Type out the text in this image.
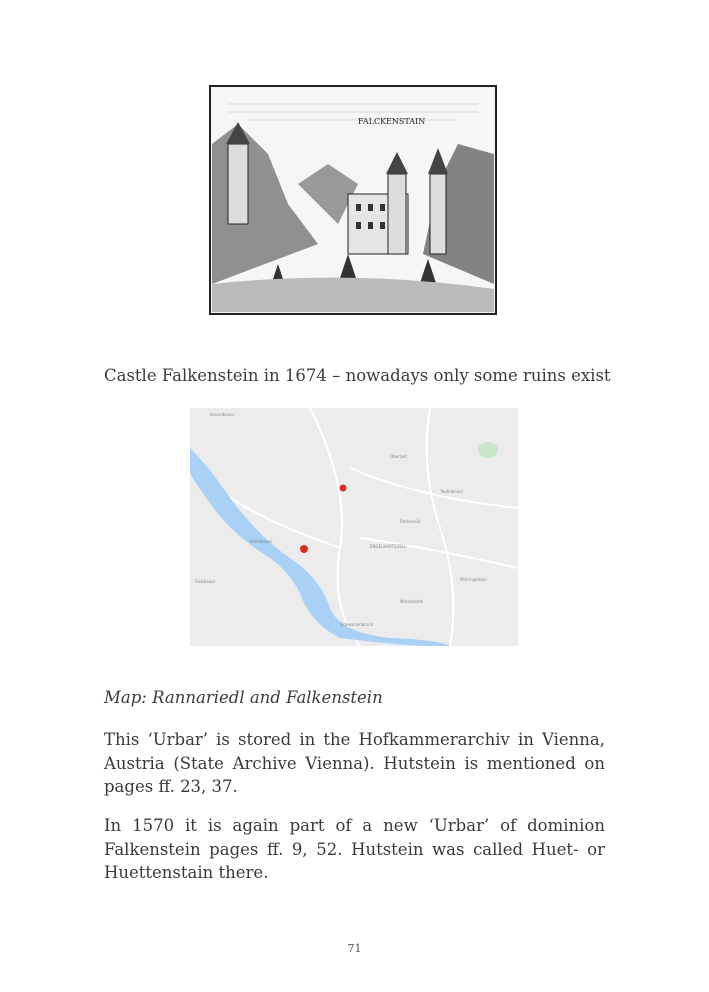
FALCKENSTAIN
Castle Falkenstein in 1674 – nowadays only some ruins exist
Kasselbauer
Oberzell
Teufelbauer
Rettensöd
ENGELHARTSZELL
Kalchbauer
Schwarzenbruck
Pöhringerbau
Gaisbauer
Marktanzell
Map: Rannariedl and Falkenstein

This ‘Urbar’ is stored in the Hofkammerarchiv in Vienna, Austria (State Archive Vienna). Hutstein is mentioned on pages ff. 23, 37.

In 1570 it is again part of a new ‘Urbar’ of dominion Falkenstein pages ff. 9, 52. Hutstein was called Huet- or Huettenstain there.

71
